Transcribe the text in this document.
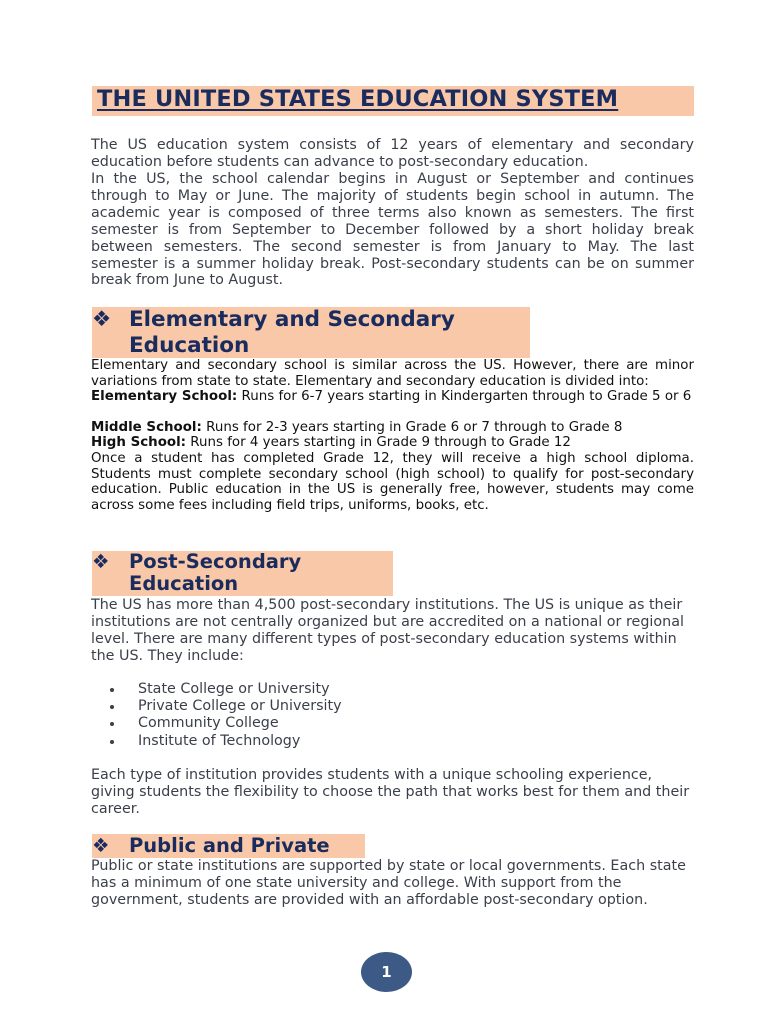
THE UNITED STATES EDUCATION SYSTEM
The US education system consists of 12 years of elementary and secondary education before students can advance to post-secondary education.
In the US, the school calendar begins in August or September and continues through to May or June. The majority of students begin school in autumn. The academic year is composed of three terms also known as semesters. The first semester is from September to December followed by a short holiday break between semesters. The second semester is from January to May. The last semester is a summer holiday break. Post-secondary students can be on summer break from June to August.
❖ Elementary and Secondary
Education
Elementary and secondary school is similar across the US. However, there are minor variations from state to state. Elementary and secondary education is divided into:
Elementary School: Runs for 6-7 years starting in Kindergarten through to Grade 5 or 6
Middle School: Runs for 2-3 years starting in Grade 6 or 7 through to Grade 8
High School: Runs for 4 years starting in Grade 9 through to Grade 12
Once a student has completed Grade 12, they will receive a high school diploma. Students must complete secondary school (high school) to qualify for post-secondary education. Public education in the US is generally free, however, students may come across some fees including field trips, uniforms, books, etc.
❖ Post-Secondary
Education
The US has more than 4,500 post-secondary institutions. The US is unique as their institutions are not centrally organized but are accredited on a national or regional level. There are many different types of post-secondary education systems within the US. They include:
State College or University
Private College or University
Community College
Institute of Technology
Each type of institution provides students with a unique schooling experience, giving students the flexibility to choose the path that works best for them and their career.
❖ Public and Private
Public or state institutions are supported by state or local governments. Each state has a minimum of one state university and college. With support from the government, students are provided with an affordable post-secondary option.
1
